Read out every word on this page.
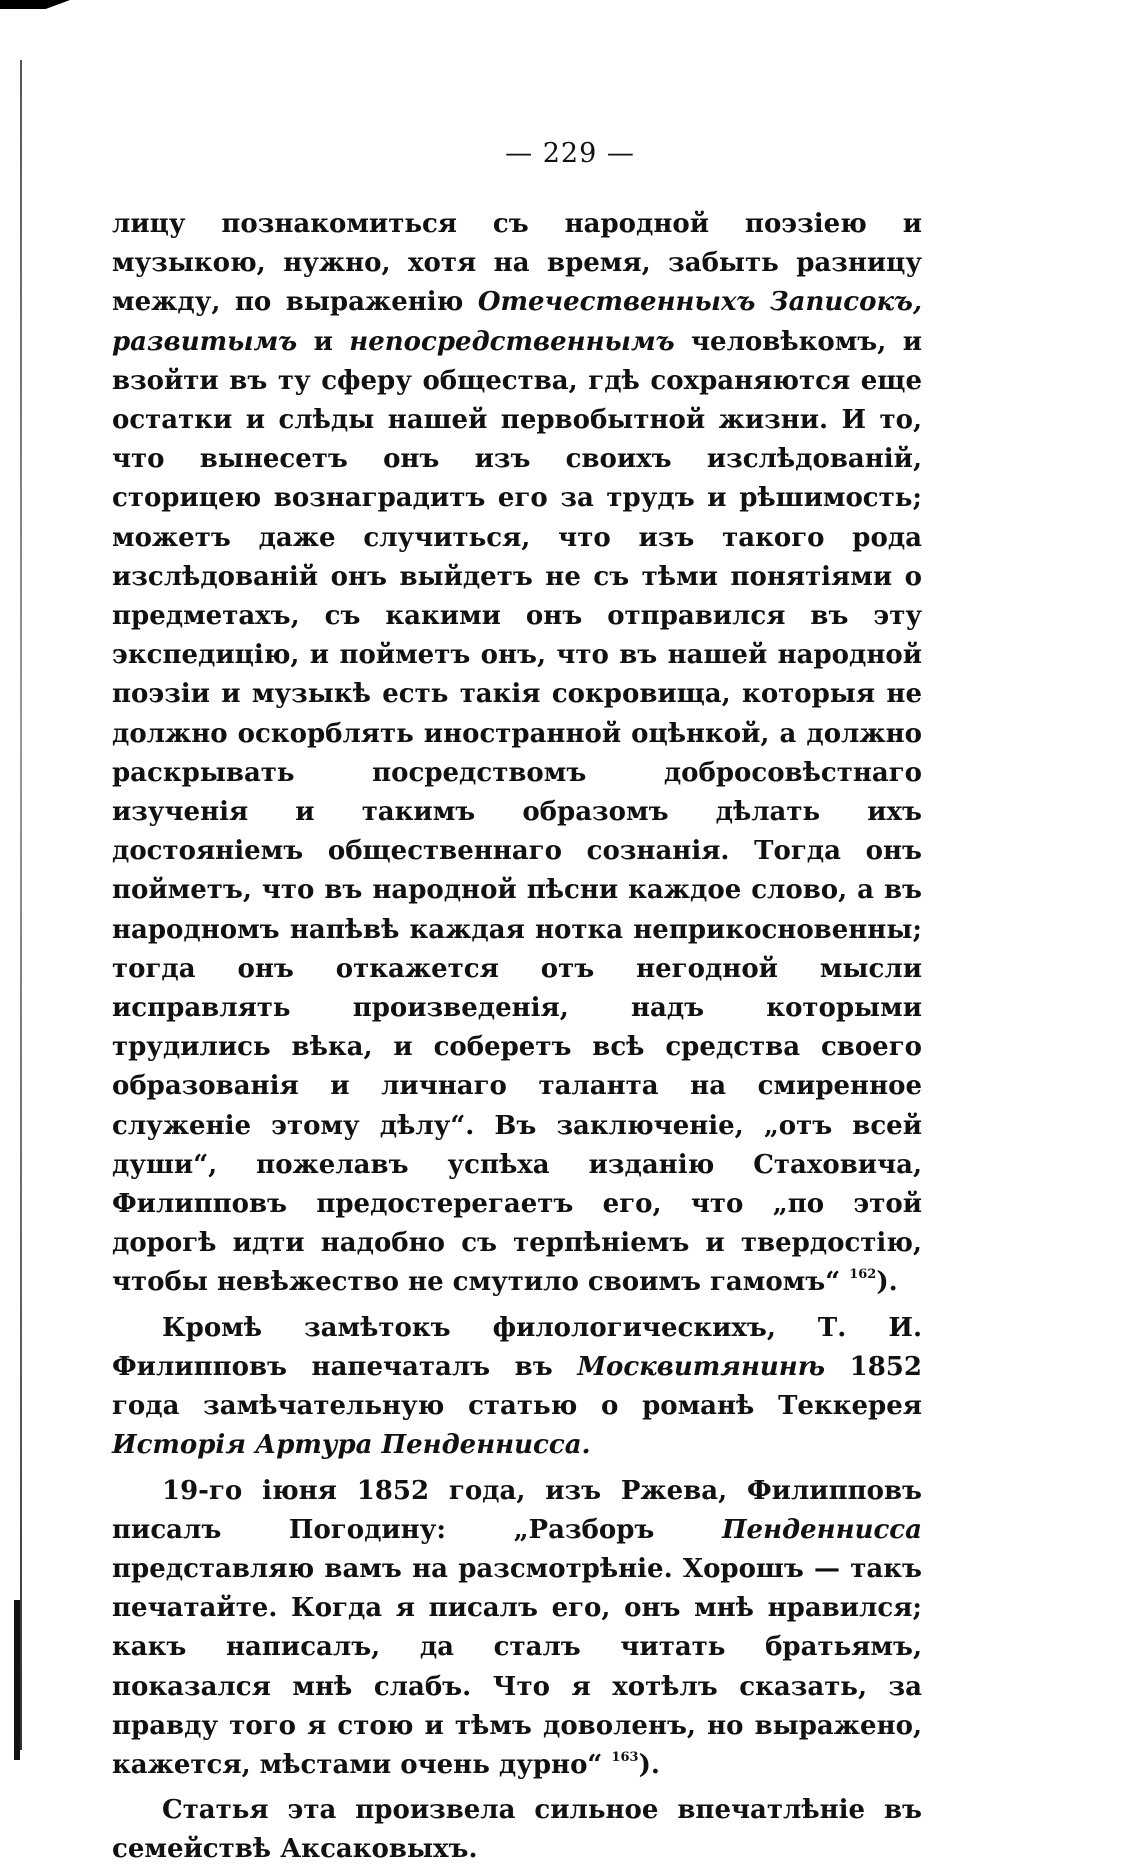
— 229 —

лицу познакомиться съ народной поэзіею и музыкою, нужно, хотя на время, забыть разницу между, по выраженію Отечественныхъ Записокъ, развитымъ и непосредственнымъ человѣкомъ, и взойти въ ту сферу общества, гдѣ сохраняются еще остатки и слѣды нашей первобытной жизни. И то, что вынесетъ онъ изъ своихъ изслѣдованій, сторицею вознаградитъ его за трудъ и рѣшимость; можетъ даже случиться, что изъ такого рода изслѣдованій онъ выйдетъ не съ тѣми понятіями о предметахъ, съ какими онъ отправился въ эту экспедицію, и пойметъ онъ, что въ нашей народной поэзіи и музыкѣ есть такія сокровища, которыя не должно оскорблять иностранной оцѣнкой, а должно раскрывать посредствомъ добросовѣстнаго изученія и такимъ образомъ дѣлать ихъ достояніемъ общественнаго сознанія. Тогда онъ пойметъ, что въ народной пѣсни каждое слово, а въ народномъ напѣвѣ каждая нотка неприкосновенны; тогда онъ откажется отъ негодной мысли исправлять произведенія, надъ которыми трудились вѣка, и соберетъ всѣ средства своего образованія и личнаго таланта на смиренное служеніе этому дѣлу“. Въ заключеніе, „отъ всей души“, пожелавъ успѣха изданію Стаховича, Филипповъ предостерегаетъ его, что „по этой дорогѣ идти надобно съ терпѣніемъ и твердостію, чтобы невѣжество не смутило своимъ гамомъ“ $^{162}$).

Кромѣ замѣтокъ филологическихъ, Т. И. Филипповъ напечаталъ въ Москвитянинѣ 1852 года замѣчательную статью о романѣ Теккерея Исторія Артура Пенденнисса.

19-го іюня 1852 года, изъ Ржева, Филипповъ писалъ Погодину: „Разборъ Пенденнисса представляю вамъ на разсмотрѣніе. Хорошъ — такъ печатайте. Когда я писалъ его, онъ мнѣ нравился; какъ написалъ, да сталъ читать братьямъ, показался мнѣ слабъ. Что я хотѣлъ сказать, за правду того я стою и тѣмъ доволенъ, но выражено, кажется, мѣстами очень дурно“ $^{163}$).

Статья эта произвела сильное впечатлѣніе въ семействѣ Аксаковыхъ.
